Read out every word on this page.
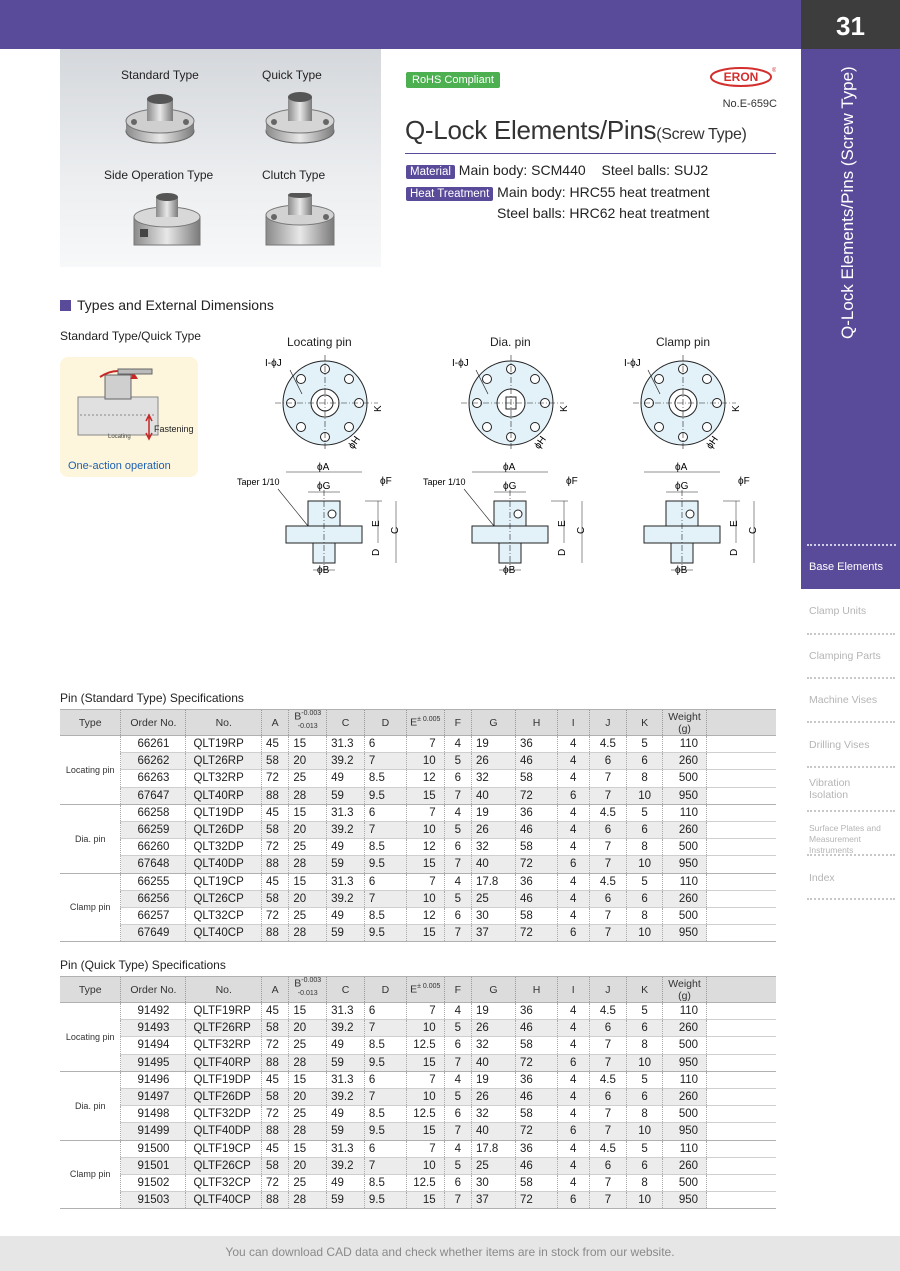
31
Q-Lock Elements/Pins (Screw Type)
Base Elements
Clamp Units
Clamping Parts
Machine Vises
Drilling Vises
Vibration Isolation
Surface Plates and Measurement Instruments
Index
Standard Type	Quick Type
Side Operation Type	Clutch Type
RoHS Compliant	ERON ®
No.E-659C
Q-Lock Elements/Pins(Screw Type)
Material Main body: SCM440 Steel balls: SUJ2
Heat Treatment Main body: HRC55 heat treatment
Steel balls: HRC62 heat treatment
Types and External Dimensions
Standard Type/Quick Type
Fastening
Locating
One-action operation
Locating pin	Dia. pin	Clamp pin
I-ϕJ
K
ϕH
ϕA
ϕG	ϕF
ϕB
Taper 1/10
E
C
D
I-ϕJ
K
ϕH
ϕA
ϕG	ϕF
ϕB
Taper 1/10
E
C
D
I-ϕJ
K
ϕH
ϕA
ϕG	ϕF
ϕB
E
C
D
Pin (Standard Type) Specifications
Type	Order No.	No.	A	$B^{-0.003 -0.013}$	C	D	$E^{\pm 0.005}$	F	G	H	I	J	K	Weight (g)	
Locating pin	66261	QLT19RP	45	15	31.3	6	7	4	19	36	4	4.5	5	110	
	66262	QLT26RP	58	20	39.2	7	10	5	26	46	4	6	6	260	
	66263	QLT32RP	72	25	49	8.5	12	6	32	58	4	7	8	500	
	67647	QLT40RP	88	28	59	9.5	15	7	40	72	6	7	10	950	
Dia. pin	66258	QLT19DP	45	15	31.3	6	7	4	19	36	4	4.5	5	110	
	66259	QLT26DP	58	20	39.2	7	10	5	26	46	4	6	6	260	
	66260	QLT32DP	72	25	49	8.5	12	6	32	58	4	7	8	500	
	67648	QLT40DP	88	28	59	9.5	15	7	40	72	6	7	10	950	
Clamp pin	66255	QLT19CP	45	15	31.3	6	7	4	17.8	36	4	4.5	5	110	
	66256	QLT26CP	58	20	39.2	7	10	5	25	46	4	6	6	260	
	66257	QLT32CP	72	25	49	8.5	12	6	30	58	4	7	8	500	
	67649	QLT40CP	88	28	59	9.5	15	7	37	72	6	7	10	950	
Pin (Quick Type) Specifications
Type	Order No.	No.	A	$B^{-0.003 -0.013}$	C	D	$E^{\pm 0.005}$	F	G	H	I	J	K	Weight (g)	
Locating pin	91492	QLTF19RP	45	15	31.3	6	7	4	19	36	4	4.5	5	110	
	91493	QLTF26RP	58	20	39.2	7	10	5	26	46	4	6	6	260	
	91494	QLTF32RP	72	25	49	8.5	12.5	6	32	58	4	7	8	500	
	91495	QLTF40RP	88	28	59	9.5	15	7	40	72	6	7	10	950	
Dia. pin	91496	QLTF19DP	45	15	31.3	6	7	4	19	36	4	4.5	5	110	
	91497	QLTF26DP	58	20	39.2	7	10	5	26	46	4	6	6	260	
	91498	QLTF32DP	72	25	49	8.5	12.5	6	32	58	4	7	8	500	
	91499	QLTF40DP	88	28	59	9.5	15	7	40	72	6	7	10	950	
Clamp pin	91500	QLTF19CP	45	15	31.3	6	7	4	17.8	36	4	4.5	5	110	
	91501	QLTF26CP	58	20	39.2	7	10	5	25	46	4	6	6	260	
	91502	QLTF32CP	72	25	49	8.5	12.5	6	30	58	4	7	8	500	
	91503	QLTF40CP	88	28	59	9.5	15	7	37	72	6	7	10	950	
You can download CAD data and check whether items are in stock from our website.
